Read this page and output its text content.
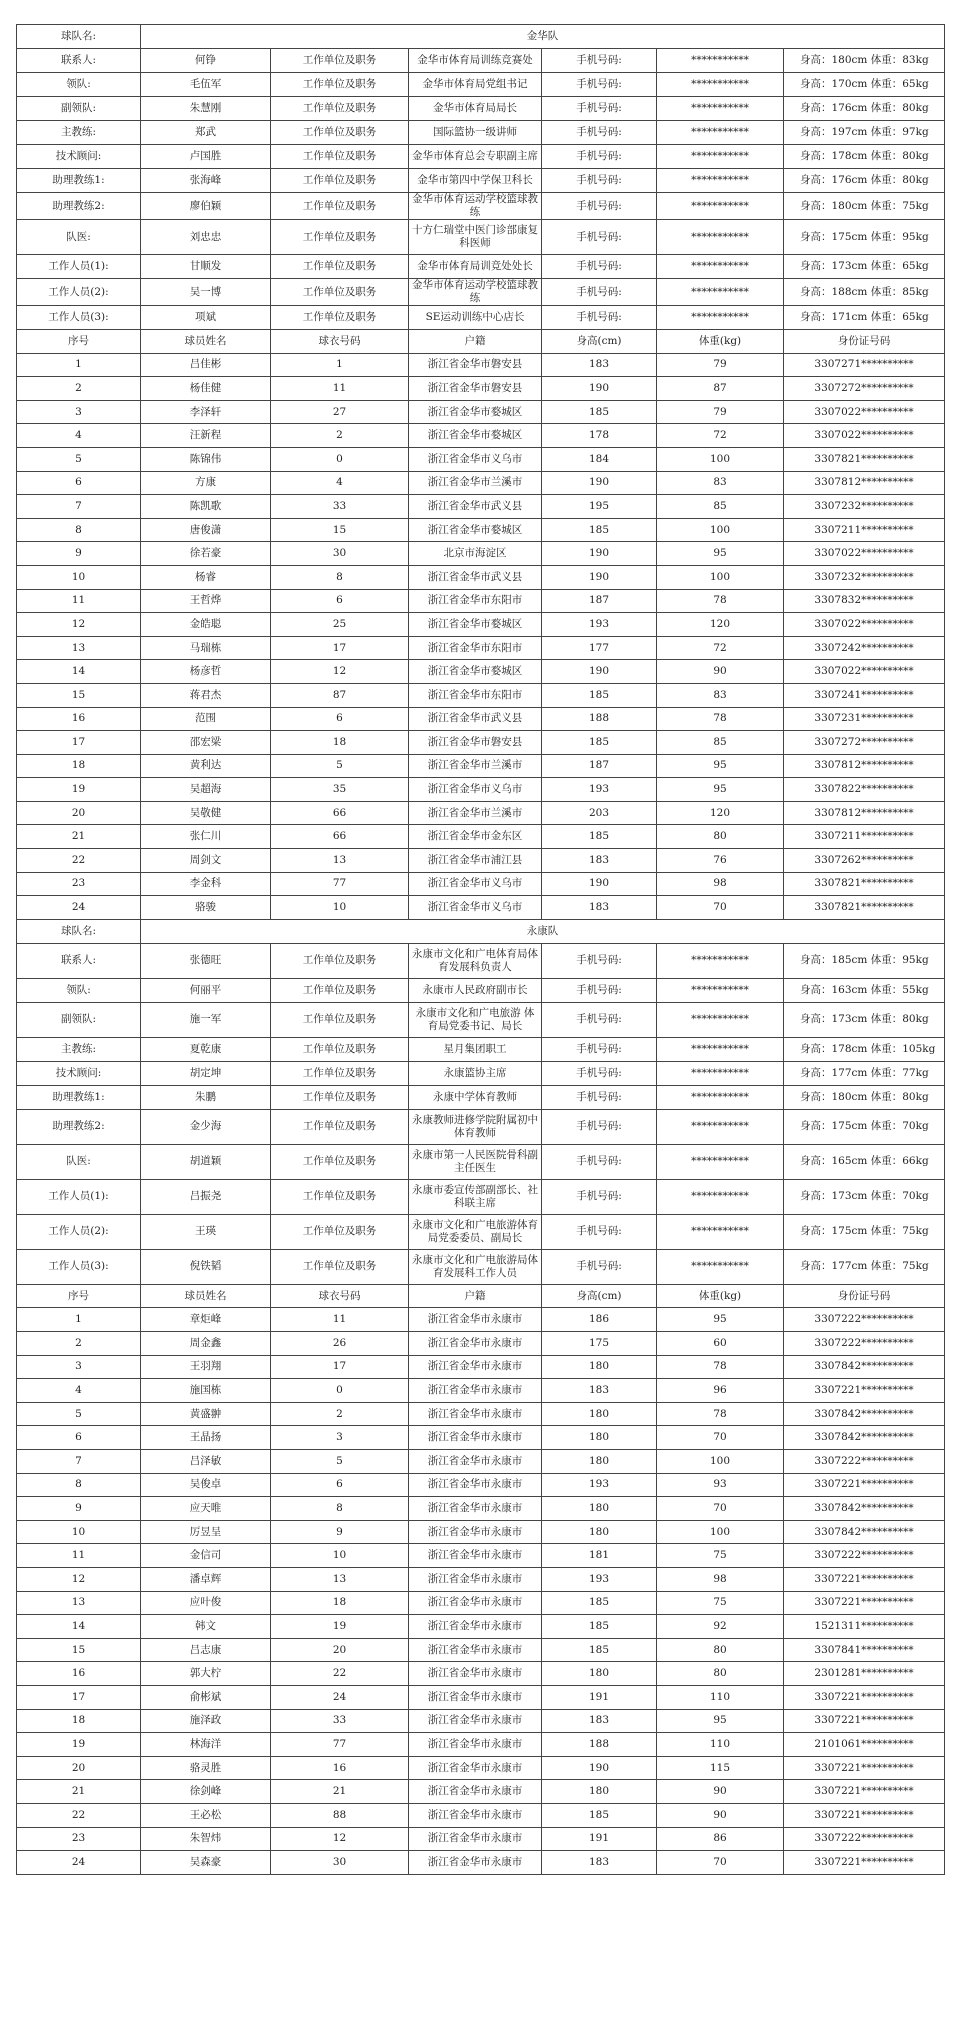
球队名:	金华队					
联系人:	何铮	工作单位及职务	金华市体育局训练竞赛处	手机号码:	***********	身高：180cm 体重：83kg
领队:	毛伍军	工作单位及职务	金华市体育局党组书记	手机号码:	***********	身高：170cm 体重：65kg
副领队:	朱慧刚	工作单位及职务	金华市体育局局长	手机号码:	***********	身高：176cm 体重：80kg
主教练:	郑武	工作单位及职务	国际篮协一级讲师	手机号码:	***********	身高：197cm 体重：97kg
技术顾问:	卢国胜	工作单位及职务	金华市体育总会专职副主席	手机号码:	***********	身高：178cm 体重：80kg
助理教练1:	张海峰	工作单位及职务	金华市第四中学保卫科长	手机号码:	***********	身高：176cm 体重：80kg
助理教练2:	廖伯颖	工作单位及职务	金华市体育运动学校篮球教练	手机号码:	***********	身高：180cm 体重：75kg
队医:	刘忠忠	工作单位及职务	十方仁瑞堂中医门诊部康复科医师	手机号码:	***********	身高：175cm 体重：95kg
工作人员(1):	甘顺发	工作单位及职务	金华市体育局训竞处处长	手机号码:	***********	身高：173cm 体重：65kg
工作人员(2):	吴一博	工作单位及职务	金华市体育运动学校篮球教练	手机号码:	***********	身高：188cm 体重：85kg
工作人员(3):	项斌	工作单位及职务	SE运动训练中心店长	手机号码:	***********	身高：171cm 体重：65kg
序号	球员姓名	球衣号码	户籍	身高(cm)	体重(kg)	身份证号码
1	吕佳彬	1	浙江省金华市磐安县	183	79	3307271**********
2	杨佳健	11	浙江省金华市磐安县	190	87	3307272**********
3	李泽轩	27	浙江省金华市婺城区	185	79	3307022**********
4	汪新程	2	浙江省金华市婺城区	178	72	3307022**********
5	陈锦伟	0	浙江省金华市义乌市	184	100	3307821**********
6	方康	4	浙江省金华市兰溪市	190	83	3307812**********
7	陈凯歌	33	浙江省金华市武义县	195	85	3307232**********
8	唐俊潇	15	浙江省金华市婺城区	185	100	3307211**********
9	徐若豪	30	北京市海淀区	190	95	3307022**********
10	杨睿	8	浙江省金华市武义县	190	100	3307232**********
11	王哲烨	6	浙江省金华市东阳市	187	78	3307832**********
12	金皓聪	25	浙江省金华市婺城区	193	120	3307022**********
13	马瑞栋	17	浙江省金华市东阳市	177	72	3307242**********
14	杨彦哲	12	浙江省金华市婺城区	190	90	3307022**********
15	蒋君杰	87	浙江省金华市东阳市	185	83	3307241**********
16	范围	6	浙江省金华市武义县	188	78	3307231**********
17	邵宏梁	18	浙江省金华市磐安县	185	85	3307272**********
18	黄利达	5	浙江省金华市兰溪市	187	95	3307812**********
19	吴超海	35	浙江省金华市义乌市	193	95	3307822**********
20	吴敬健	66	浙江省金华市兰溪市	203	120	3307812**********
21	张仁川	66	浙江省金华市金东区	185	80	3307211**********
22	周剑文	13	浙江省金华市浦江县	183	76	3307262**********
23	李金科	77	浙江省金华市义乌市	190	98	3307821**********
24	骆骏	10	浙江省金华市义乌市	183	70	3307821**********
球队名:	永康队					
联系人:	张德旺	工作单位及职务	永康市文化和广电体育局体育发展科负责人	手机号码:	***********	身高：185cm 体重：95kg
领队:	何丽平	工作单位及职务	永康市人民政府副市长	手机号码:	***********	身高：163cm 体重：55kg
副领队:	施一军	工作单位及职务	永康市文化和广电旅游 体育局党委书记、局长	手机号码:	***********	身高：173cm 体重：80kg
主教练:	夏乾康	工作单位及职务	星月集团职工	手机号码:	***********	身高：178cm 体重：105kg
技术顾问:	胡定坤	工作单位及职务	永康篮协主席	手机号码:	***********	身高：177cm 体重：77kg
助理教练1:	朱鹏	工作单位及职务	永康中学体育教师	手机号码:	***********	身高：180cm 体重：80kg
助理教练2:	金少海	工作单位及职务	永康教师进修学院附属初中体育教师	手机号码:	***********	身高：175cm 体重：70kg
队医:	胡道颖	工作单位及职务	永康市第一人民医院骨科副主任医生	手机号码:	***********	身高：165cm 体重：66kg
工作人员(1):	吕振尧	工作单位及职务	永康市委宣传部副部长、社科联主席	手机号码:	***********	身高：173cm 体重：70kg
工作人员(2):	王瑛	工作单位及职务	永康市文化和广电旅游体育局党委委员、副局长	手机号码:	***********	身高：175cm 体重：75kg
工作人员(3):	倪铁韬	工作单位及职务	永康市文化和广电旅游局体育发展科工作人员	手机号码:	***********	身高：177cm 体重：75kg
序号	球员姓名	球衣号码	户籍	身高(cm)	体重(kg)	身份证号码
1	章炬峰	11	浙江省金华市永康市	186	95	3307222**********
2	周金鑫	26	浙江省金华市永康市	175	60	3307222**********
3	王羽翔	17	浙江省金华市永康市	180	78	3307842**********
4	施国栋	0	浙江省金华市永康市	183	96	3307221**********
5	黄盛翀	2	浙江省金华市永康市	180	78	3307842**********
6	王晶扬	3	浙江省金华市永康市	180	70	3307842**********
7	吕泽敏	5	浙江省金华市永康市	180	100	3307222**********
8	吴俊卓	6	浙江省金华市永康市	193	93	3307221**********
9	应天唯	8	浙江省金华市永康市	180	70	3307842**********
10	厉昱呈	9	浙江省金华市永康市	180	100	3307842**********
11	金信司	10	浙江省金华市永康市	181	75	3307222**********
12	潘卓辉	13	浙江省金华市永康市	193	98	3307221**********
13	应叶俊	18	浙江省金华市永康市	185	75	3307221**********
14	韩文	19	浙江省金华市永康市	185	92	1521311**********
15	吕志康	20	浙江省金华市永康市	185	80	3307841**********
16	郭大柠	22	浙江省金华市永康市	180	80	2301281**********
17	俞彬斌	24	浙江省金华市永康市	191	110	3307221**********
18	施泽政	33	浙江省金华市永康市	183	95	3307221**********
19	林海洋	77	浙江省金华市永康市	188	110	2101061**********
20	骆灵胜	16	浙江省金华市永康市	190	115	3307221**********
21	徐剑峰	21	浙江省金华市永康市	180	90	3307221**********
22	王必松	88	浙江省金华市永康市	185	90	3307221**********
23	朱智炜	12	浙江省金华市永康市	191	86	3307222**********
24	吴森豪	30	浙江省金华市永康市	183	70	3307221**********
